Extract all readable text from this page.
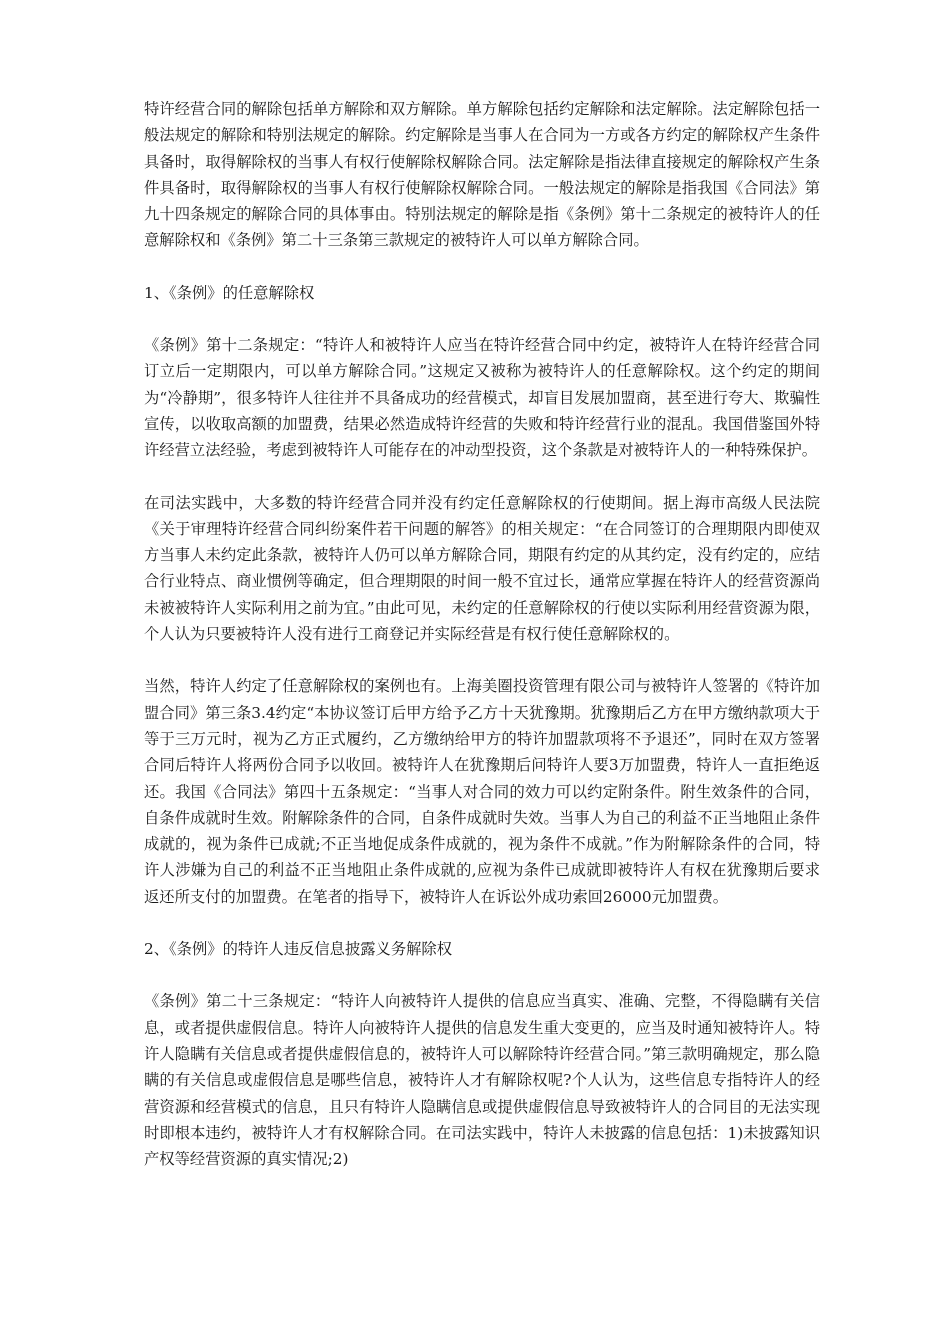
特许经营合同的解除包括单方解除和双方解除。单方解除包括约定解除和法定解除。法定解除包括一般法规定的解除和特别法规定的解除。约定解除是当事人在合同为一方或各方约定的解除权产生条件具备时，取得解除权的当事人有权行使解除权解除合同。法定解除是指法律直接规定的解除权产生条件具备时，取得解除权的当事人有权行使解除权解除合同。一般法规定的解除是指我国《合同法》第九十四条规定的解除合同的具体事由。特别法规定的解除是指《条例》第十二条规定的被特许人的任意解除权和《条例》第二十三条第三款规定的被特许人可以单方解除合同。

1、《条例》的任意解除权

《条例》第十二条规定：“特许人和被特许人应当在特许经营合同中约定，被特许人在特许经营合同订立后一定期限内，可以单方解除合同。”这规定又被称为被特许人的任意解除权。这个约定的期间为“冷静期”，很多特许人往往并不具备成功的经营模式，却盲目发展加盟商，甚至进行夸大、欺骗性宣传，以收取高额的加盟费，结果必然造成特许经营的失败和特许经营行业的混乱。我国借鉴国外特许经营立法经验，考虑到被特许人可能存在的冲动型投资，这个条款是对被特许人的一种特殊保护。

在司法实践中，大多数的特许经营合同并没有约定任意解除权的行使期间。据上海市高级人民法院《关于审理特许经营合同纠纷案件若干问题的解答》的相关规定：“在合同签订的合理期限内即使双方当事人未约定此条款，被特许人仍可以单方解除合同，期限有约定的从其约定，没有约定的，应结合行业特点、商业惯例等确定，但合理期限的时间一般不宜过长，通常应掌握在特许人的经营资源尚未被被特许人实际利用之前为宜。”由此可见，未约定的任意解除权的行使以实际利用经营资源为限，个人认为只要被特许人没有进行工商登记并实际经营是有权行使任意解除权的。

当然，特许人约定了任意解除权的案例也有。上海美圈投资管理有限公司与被特许人签署的《特许加盟合同》第三条3.4约定“本协议签订后甲方给予乙方十天犹豫期。犹豫期后乙方在甲方缴纳款项大于等于三万元时，视为乙方正式履约，乙方缴纳给甲方的特许加盟款项将不予退还”，同时在双方签署合同后特许人将两份合同予以收回。被特许人在犹豫期后问特许人要3万加盟费，特许人一直拒绝返还。我国《合同法》第四十五条规定：“当事人对合同的效力可以约定附条件。附生效条件的合同，自条件成就时生效。附解除条件的合同，自条件成就时失效。当事人为自己的利益不正当地阻止条件成就的，视为条件已成就;不正当地促成条件成就的，视为条件不成就。”作为附解除条件的合同，特许人涉嫌为自己的利益不正当地阻止条件成就的,应视为条件已成就即被特许人有权在犹豫期后要求返还所支付的加盟费。在笔者的指导下，被特许人在诉讼外成功索回26000元加盟费。

2、《条例》的特许人违反信息披露义务解除权

《条例》第二十三条规定：“特许人向被特许人提供的信息应当真实、准确、完整，不得隐瞒有关信息，或者提供虚假信息。特许人向被特许人提供的信息发生重大变更的，应当及时通知被特许人。特许人隐瞒有关信息或者提供虚假信息的，被特许人可以解除特许经营合同。”第三款明确规定，那么隐瞒的有关信息或虚假信息是哪些信息，被特许人才有解除权呢?个人认为，这些信息专指特许人的经营资源和经营模式的信息，且只有特许人隐瞒信息或提供虚假信息导致被特许人的合同目的无法实现时即根本违约，被特许人才有权解除合同。在司法实践中，特许人未披露的信息包括：1)未披露知识产权等经营资源的真实情况;2)
